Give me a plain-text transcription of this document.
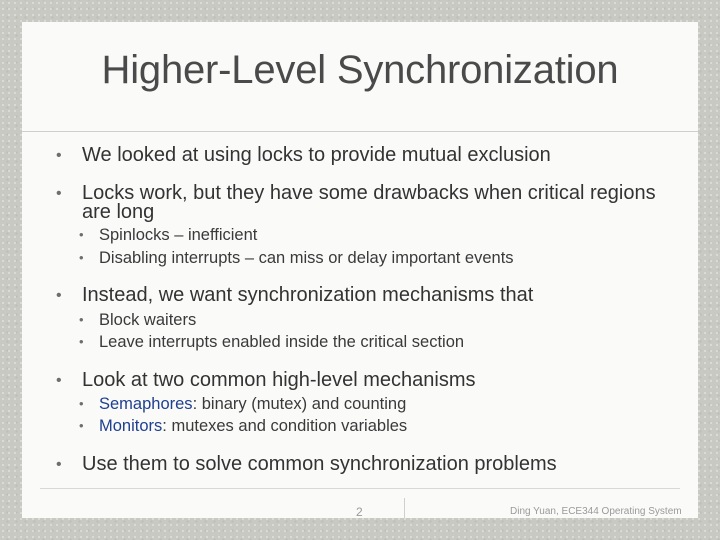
Higher-Level Synchronization
• We looked at using locks to provide mutual exclusion
• Locks work, but they have some drawbacks when critical regions are long
• Spinlocks – inefficient
• Disabling interrupts – can miss or delay important events
• Instead, we want synchronization mechanisms that
• Block waiters
• Leave interrupts enabled inside the critical section
• Look at two common high-level mechanisms
• Semaphores: binary (mutex) and counting
• Monitors: mutexes and condition variables
• Use them to solve common synchronization problems
2	Ding Yuan, ECE344 Operating System
